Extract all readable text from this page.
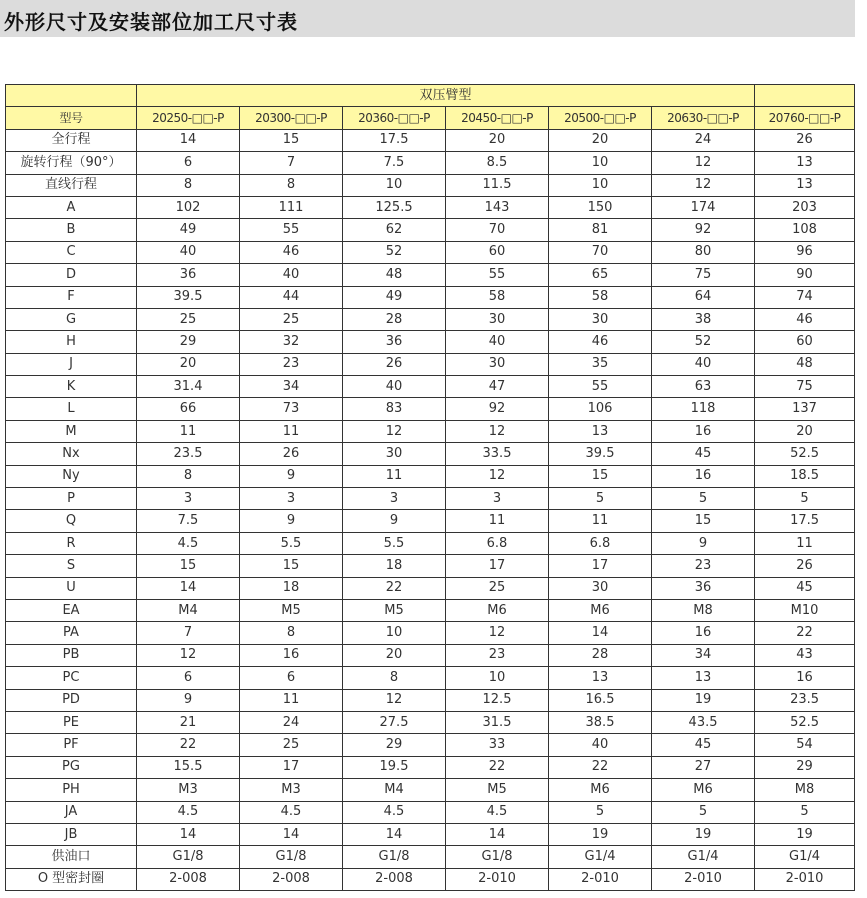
外形尺寸及安装部位加工尺寸表
	双压臂型						
型号	20250-□□-P	20300-□□-P	20360-□□-P	20450-□□-P	20500-□□-P	20630-□□-P	20760-□□-P
全行程	14	15	17.5	20	20	24	26
旋转行程（90°）	6	7	7.5	8.5	10	12	13
直线行程	8	8	10	11.5	10	12	13
A	102	111	125.5	143	150	174	203
B	49	55	62	70	81	92	108
C	40	46	52	60	70	80	96
D	36	40	48	55	65	75	90
F	39.5	44	49	58	58	64	74
G	25	25	28	30	30	38	46
H	29	32	36	40	46	52	60
J	20	23	26	30	35	40	48
K	31.4	34	40	47	55	63	75
L	66	73	83	92	106	118	137
M	11	11	12	12	13	16	20
Nx	23.5	26	30	33.5	39.5	45	52.5
Ny	8	9	11	12	15	16	18.5
P	3	3	3	3	5	5	5
Q	7.5	9	9	11	11	15	17.5
R	4.5	5.5	5.5	6.8	6.8	9	11
S	15	15	18	17	17	23	26
U	14	18	22	25	30	36	45
EA	M4	M5	M5	M6	M6	M8	M10
PA	7	8	10	12	14	16	22
PB	12	16	20	23	28	34	43
PC	6	6	8	10	13	13	16
PD	9	11	12	12.5	16.5	19	23.5
PE	21	24	27.5	31.5	38.5	43.5	52.5
PF	22	25	29	33	40	45	54
PG	15.5	17	19.5	22	22	27	29
PH	M3	M3	M4	M5	M6	M6	M8
JA	4.5	4.5	4.5	4.5	5	5	5
JB	14	14	14	14	19	19	19
供油口	G1/8	G1/8	G1/8	G1/8	G1/4	G1/4	G1/4
O 型密封圈	2-008	2-008	2-008	2-010	2-010	2-010	2-010
